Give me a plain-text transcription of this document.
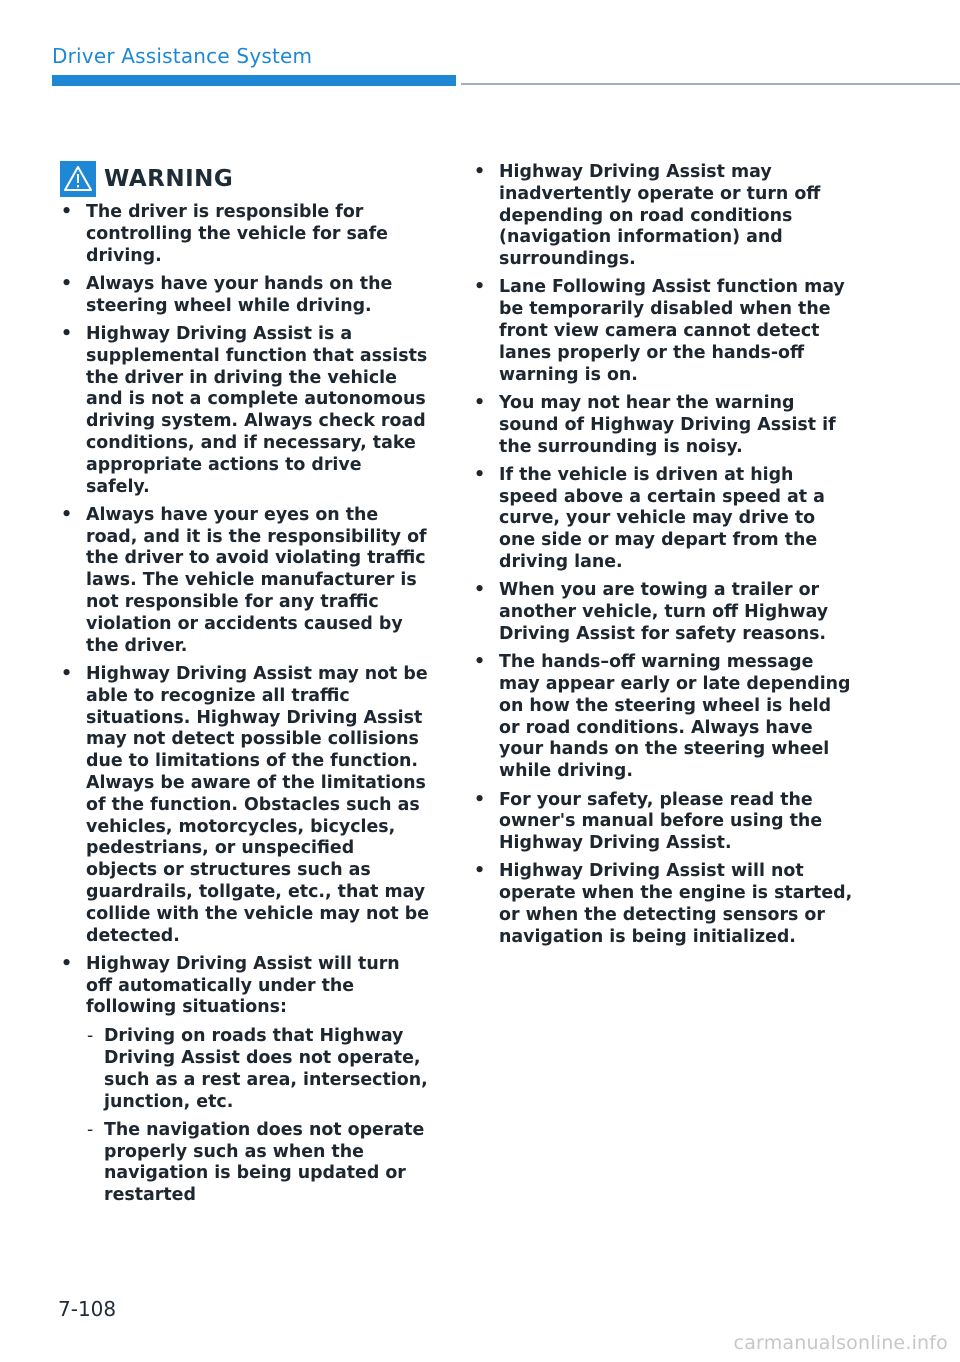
Driver Assistance System
WARNING
• The driver is responsible for controlling the vehicle for safe driving.
• Always have your hands on the steering wheel while driving.
• Highway Driving Assist is a supplemental function that assists the driver in driving the vehicle and is not a complete autonomous driving system. Always check road conditions, and if necessary, take appropriate actions to drive safely.
• Always have your eyes on the road, and it is the responsibility of the driver to avoid violating traffic laws. The vehicle manufacturer is not responsible for any traffic violation or accidents caused by the driver.
• Highway Driving Assist may not be able to recognize all traffic situations. Highway Driving Assist may not detect possible collisions due to limitations of the function. Always be aware of the limitations of the function. Obstacles such as vehicles, motorcycles, bicycles, pedestrians, or unspecified objects or structures such as guardrails, tollgate, etc., that may collide with the vehicle may not be detected.
• Highway Driving Assist will turn off automatically under the following situations:
- Driving on roads that Highway Driving Assist does not operate, such as a rest area, intersection, junction, etc.
- The navigation does not operate properly such as when the navigation is being updated or restarted
• Highway Driving Assist may inadvertently operate or turn off depending on road conditions (navigation information) and surroundings.
• Lane Following Assist function may be temporarily disabled when the front view camera cannot detect lanes properly or the hands-off warning is on.
• You may not hear the warning sound of Highway Driving Assist if the surrounding is noisy.
• If the vehicle is driven at high speed above a certain speed at a curve, your vehicle may drive to one side or may depart from the driving lane.
• When you are towing a trailer or another vehicle, turn off Highway Driving Assist for safety reasons.
• The hands–off warning message may appear early or late depending on how the steering wheel is held or road conditions. Always have your hands on the steering wheel while driving.
• For your safety, please read the owner's manual before using the Highway Driving Assist.
• Highway Driving Assist will not operate when the engine is started, or when the detecting sensors or navigation is being initialized.
7-108
carmanualsonline.info
